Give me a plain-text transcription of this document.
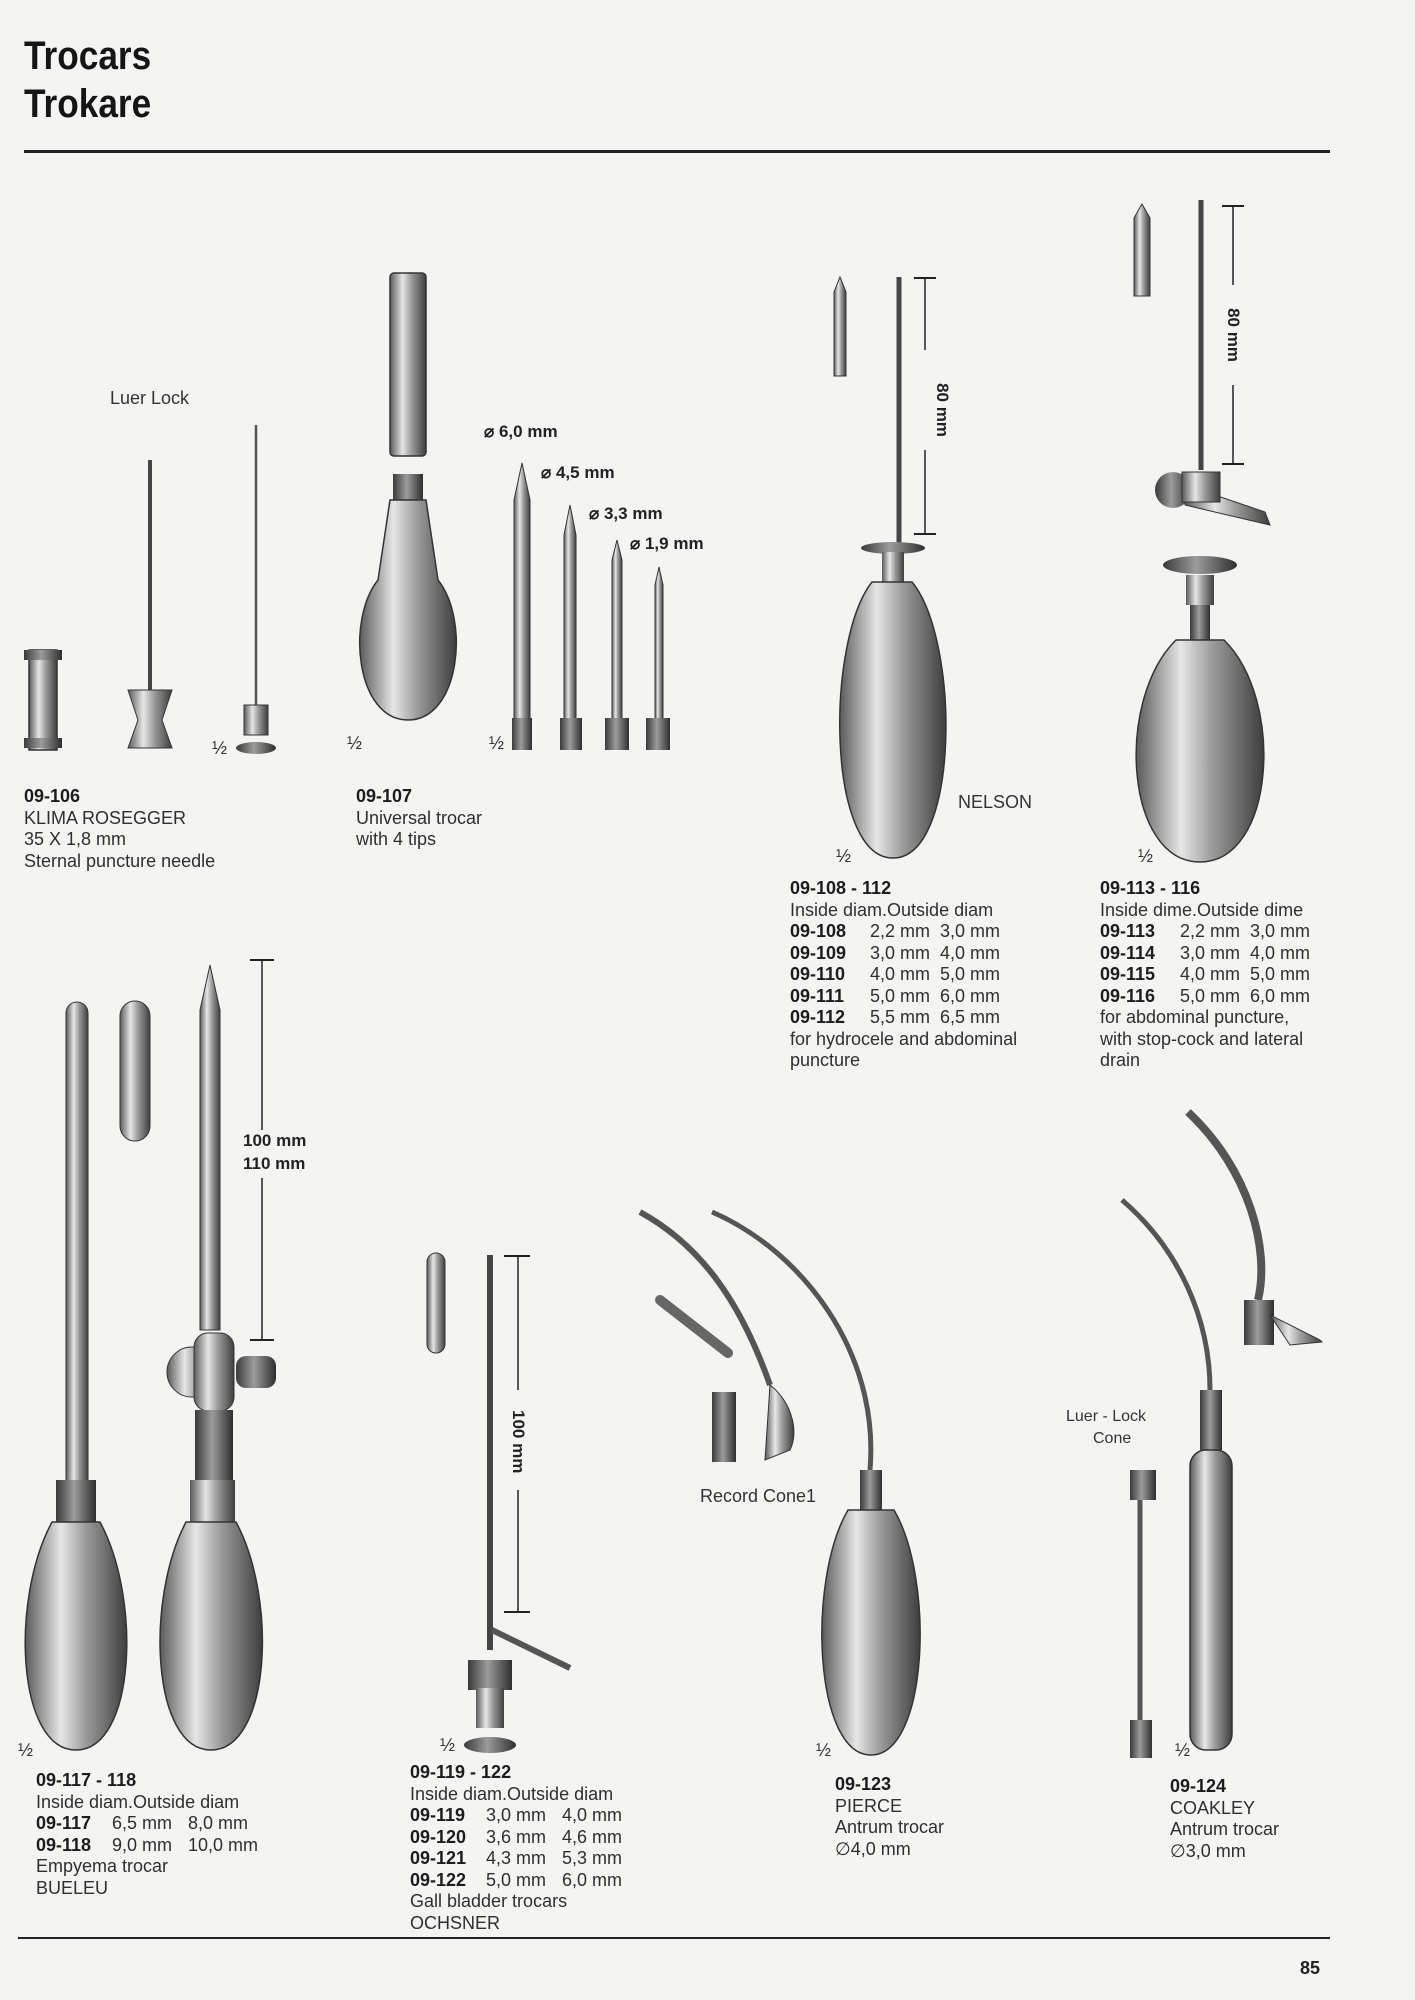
Trocars
Trokare
Luer Lock
½
09-106
KLIMA ROSEGGER
35 X 1,8 mm
Sternal puncture needle
⌀ 6,0 mm
⌀ 4,5 mm
⌀ 3,3 mm
⌀ 1,9 mm
½	½
09-107
Universal trocar
with 4 tips
80 mm
NELSON
½
09-108 - 112
Inside diam.Outside diam
09-108	2,2 mm 3,0 mm
09-109	3,0 mm 4,0 mm
09-110	4,0 mm 5,0 mm
09-111	5,0 mm 6,0 mm
09-112	5,5 mm 6,5 mm
for hydrocele and abdominal
puncture
80 mm
½
09-113 - 116
Inside dime.Outside dime
09-113	2,2 mm 3,0 mm
09-114	3,0 mm 4,0 mm
09-115	4,0 mm 5,0 mm
09-116	5,0 mm 6,0 mm
for abdominal puncture,
with stop-cock and lateral
drain
100 mm
110 mm
½
09-117 - 118
Inside diam.Outside diam
09-117	6,5 mm 8,0 mm
09-118	9,0 mm 10,0 mm
Empyema trocar
BUELEU
100 mm
½
09-119 - 122
Inside diam.Outside diam
09-119	3,0 mm 4,0 mm
09-120	3,6 mm 4,6 mm
09-121	4,3 mm 5,3 mm
09-122	5,0 mm 6,0 mm
Gall bladder trocars
OCHSNER
Record Cone1
½
09-123
PIERCE
Antrum trocar
∅4,0 mm
Luer - Lock
Cone
½
09-124
COAKLEY
Antrum trocar
∅3,0 mm
85
